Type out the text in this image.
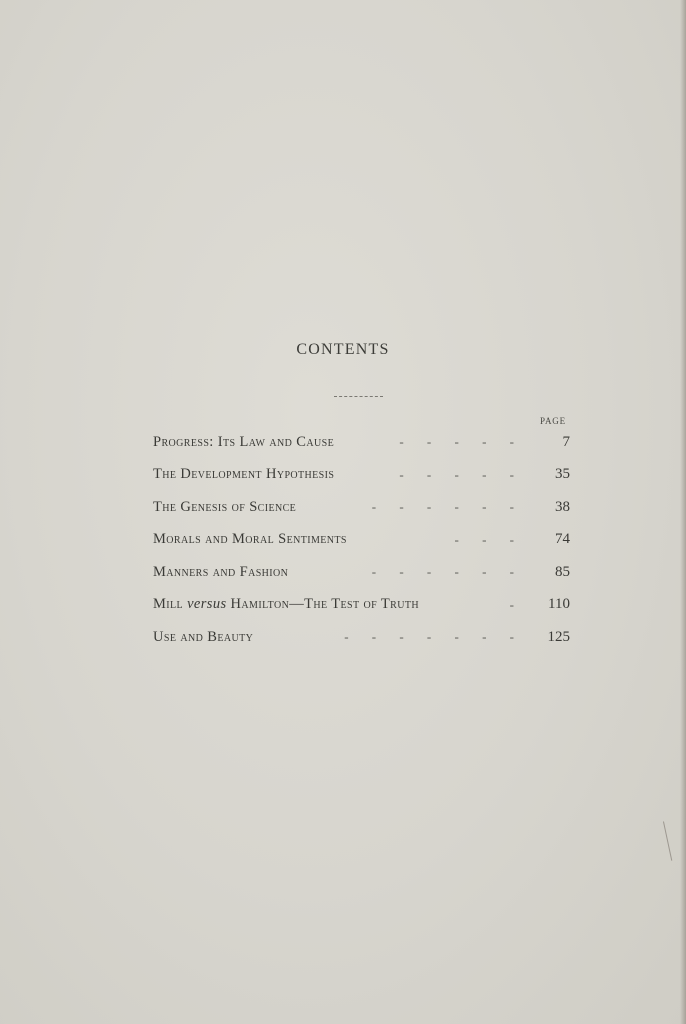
CONTENTS
PAGE
Progress: Its Law and Cause	- - - - -	7
The Development Hypothesis	- - - - -	35
The Genesis of Science	- - - - - -	38
Morals and Moral Sentiments	- - -	74
Manners and Fashion	- - - - - -	85
Mill versus Hamilton—The Test of Truth	-	110
Use and Beauty	- - - - - - -	125
